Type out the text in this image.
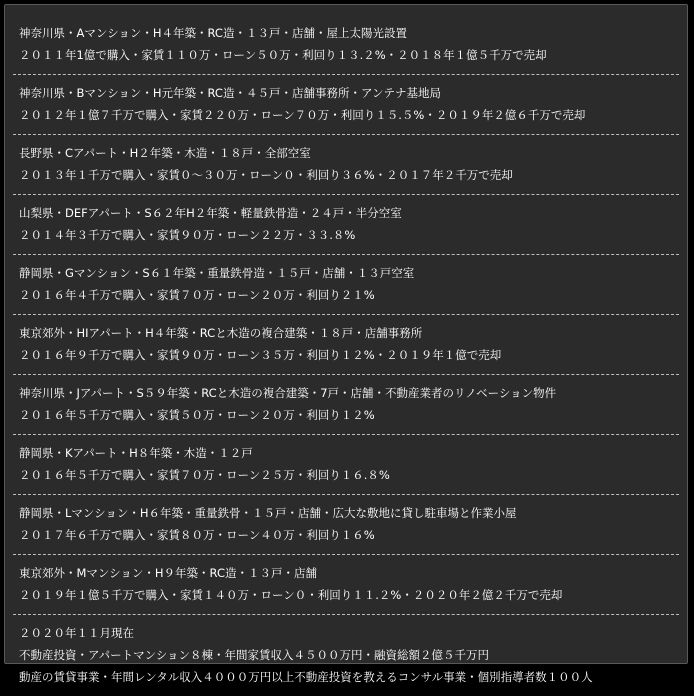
神奈川県・Aマンション・H４年築・RC造・１３戸・店舗・屋上太陽光設置
２０１１年1億で購入・家賃１１０万・ローン５０万・利回り１３.２%・２０１８年１億５千万で売却
神奈川県・Bマンション・H元年築・RC造・４５戸・店舗事務所・アンテナ基地局
２０１２年１億７千万で購入・家賃２２０万・ローン７０万・利回り１５.５%・２０１９年２億６千万で売却
長野県・Cアパート・H２年築・木造・１８戸・全部空室
２０１３年１千万で購入・家賃０～３０万・ローン０・利回り３６%・２０１７年２千万で売却
山梨県・DEFアパート・S６２年H２年築・軽量鉄骨造・２４戸・半分空室
２０１４年３千万で購入・家賃９０万・ローン２２万・３３.８%
静岡県・Gマンション・S６１年築・重量鉄骨造・１５戸・店舗・１３戸空室
２０１６年４千万で購入・家賃７０万・ローン２０万・利回り２１%
東京郊外・HIアパート・H４年築・RCと木造の複合建築・１８戸・店舗事務所
２０１６年９千万で購入・家賃９０万・ローン３５万・利回り１２%・２０１９年１億で売却
神奈川県・Jアパート・S５９年築・RCと木造の複合建築・7戸・店舗・不動産業者のリノベーション物件
２０１６年５千万で購入・家賃５０万・ローン２０万・利回り１２%
静岡県・Kアパート・H８年築・木造・１２戸
２０１６年５千万で購入・家賃７０万・ローン２５万・利回り１６.８%
静岡県・Lマンション・H６年築・重量鉄骨・１５戸・店舗・広大な敷地に貸し駐車場と作業小屋
２０１７年６千万で購入・家賃８０万・ローン４０万・利回り１６%
東京郊外・Mマンション・H９年築・RC造・１３戸・店舗
２０１９年１億５千万で購入・家賃１４０万・ローン０・利回り１１.２%・２０２０年２億２千万で売却
２０２０年１１月現在
不動産投資・アパートマンション８棟・年間家賃収入４５００万円・融資総額２億５千万円
動産の賃貸事業・年間レンタル収入４０００万円以上不動産投資を教えるコンサル事業・個別指導者数１００人
